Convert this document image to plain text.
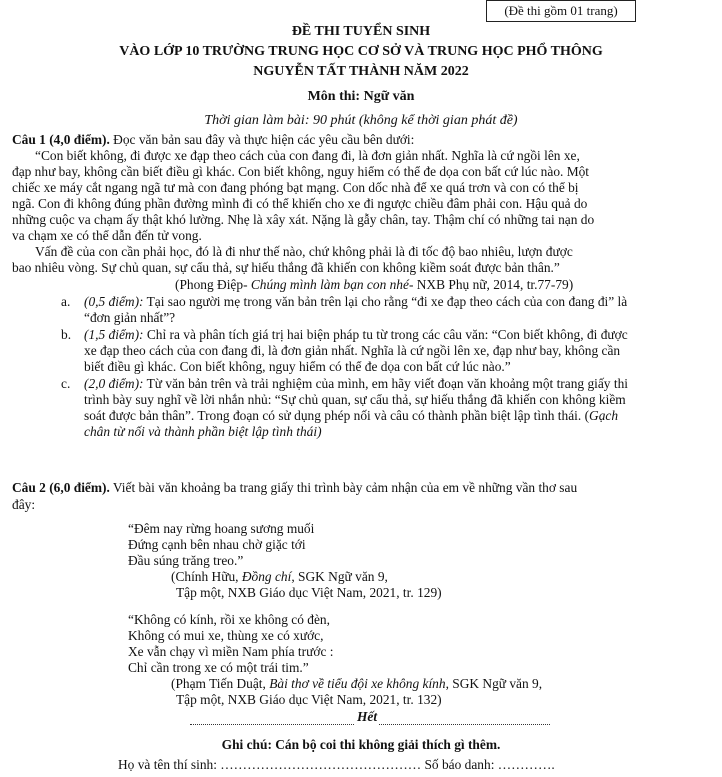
(Đề thi gồm 01 trang)
ĐỀ THI TUYỂN SINH
VÀO LỚP 10 TRƯỜNG TRUNG HỌC CƠ SỞ VÀ TRUNG HỌC PHỔ THÔNG
NGUYỄN TẤT THÀNH NĂM 2022
Môn thi: Ngữ văn
Thời gian làm bài: 90 phút (không kể thời gian phát đề)
Câu 1 (4,0 điểm). Đọc văn bản sau đây và thực hiện các yêu cầu bên dưới:
“Con biết không, đi được xe đạp theo cách của con đang đi, là đơn giản nhất. Nghĩa là cứ ngồi lên xe,
đạp như bay, không cần biết điều gì khác. Con biết không, nguy hiểm có thể đe dọa con bất cứ lúc nào. Một
chiếc xe máy cắt ngang ngã tư mà con đang phóng bạt mạng. Con dốc nhà để xe quá trơn và con có thể bị
ngã. Con đi không đúng phần đường mình đi có thể khiến cho xe đi ngược chiều đâm phải con. Hậu quả do
những cuộc va chạm ấy thật khó lường. Nhẹ là xây xát. Nặng là gẫy chân, tay. Thậm chí có những tai nạn do
va chạm xe có thể dẫn đến tử vong.
Vấn đề của con cần phải học, đó là đi như thế nào, chứ không phải là đi tốc độ bao nhiêu, lượn được
bao nhiêu vòng. Sự chủ quan, sự cẩu thả, sự hiếu thắng đã khiến con không kiềm soát được bản thân.”
(Phong Điệp- Chúng mình làm bạn con nhé- NXB Phụ nữ, 2014, tr.77-79)
a. (0,5 điểm): Tại sao người mẹ trong văn bản trên lại cho rằng “đi xe đạp theo cách của con đang đi” là
“đơn giản nhất”?
b. (1,5 điểm): Chỉ ra và phân tích giá trị hai biện pháp tu từ trong các câu văn: “Con biết không, đi được
xe đạp theo cách của con đang đi, là đơn giản nhất. Nghĩa là cứ ngồi lên xe, đạp như bay, không cần
biết điều gì khác. Con biết không, nguy hiểm có thể đe dọa con bất cứ lúc nào.”
c. (2,0 điểm): Từ văn bản trên và trải nghiệm của mình, em hãy viết đoạn văn khoảng một trang giấy thi
trình bày suy nghĩ về lời nhắn nhủ: “Sự chủ quan, sự cẩu thả, sự hiếu thắng đã khiến con không kiềm
soát được bản thân”. Trong đoạn có sử dụng phép nối và câu có thành phần biệt lập tình thái. (Gạch
chân từ nối và thành phần biệt lập tình thái)
Câu 2 (6,0 điểm). Viết bài văn khoảng ba trang giấy thi trình bày cảm nhận của em về những vần thơ sau
đây:
“Đêm nay rừng hoang sương muối
Đứng cạnh bên nhau chờ giặc tới
Đầu súng trăng treo.”
(Chính Hữu, Đồng chí, SGK Ngữ văn 9,
Tập một, NXB Giáo dục Việt Nam, 2021, tr. 129)
“Không có kính, rồi xe không có đèn,
Không có mui xe, thùng xe có xước,
Xe vẫn chạy vì miền Nam phía trước :
Chỉ cần trong xe có một trái tim.”
(Phạm Tiến Duật, Bài thơ về tiểu đội xe không kính, SGK Ngữ văn 9,
Tập một, NXB Giáo dục Việt Nam, 2021, tr. 132)
Hết
Ghi chú: Cán bộ coi thi không giải thích gì thêm.
Họ và tên thí sinh: ……………………………………… Số báo danh: ………….
